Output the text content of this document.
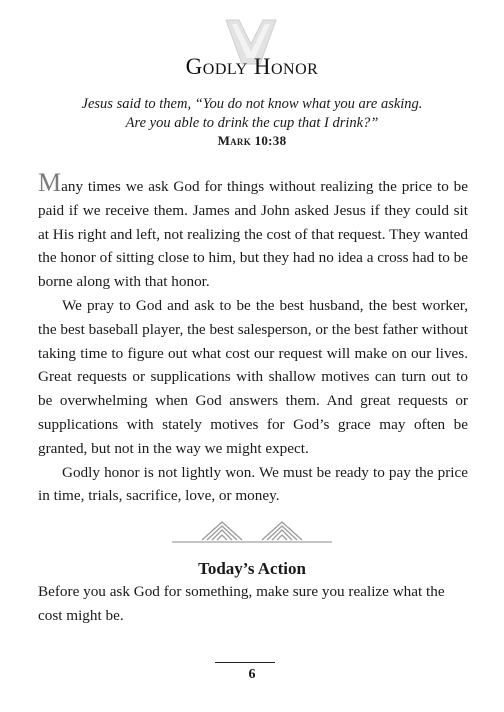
Godly Honor
Jesus said to them, “You do not know what you are asking.
Are you able to drink the cup that I drink?”
Mark 10:38

Many times we ask God for things without realizing the price to be paid if we receive them. James and John asked Jesus if they could sit at His right and left, not realizing the cost of that request. They wanted the honor of sitting close to him, but they had no idea a cross had to be borne along with that honor.

We pray to God and ask to be the best husband, the best worker, the best baseball player, the best salesperson, or the best father without taking time to figure out what cost our request will make on our lives. Great requests or supplications with shallow motives can turn out to be overwhelming when God answers them. And great requests or supplications with stately motives for God’s grace may often be granted, but not in the way we might expect.

Godly honor is not lightly won. We must be ready to pay the price in time, trials, sacrifice, love, or money.

Today’s Action
Before you ask God for something, make sure you realize what the cost might be.
6
